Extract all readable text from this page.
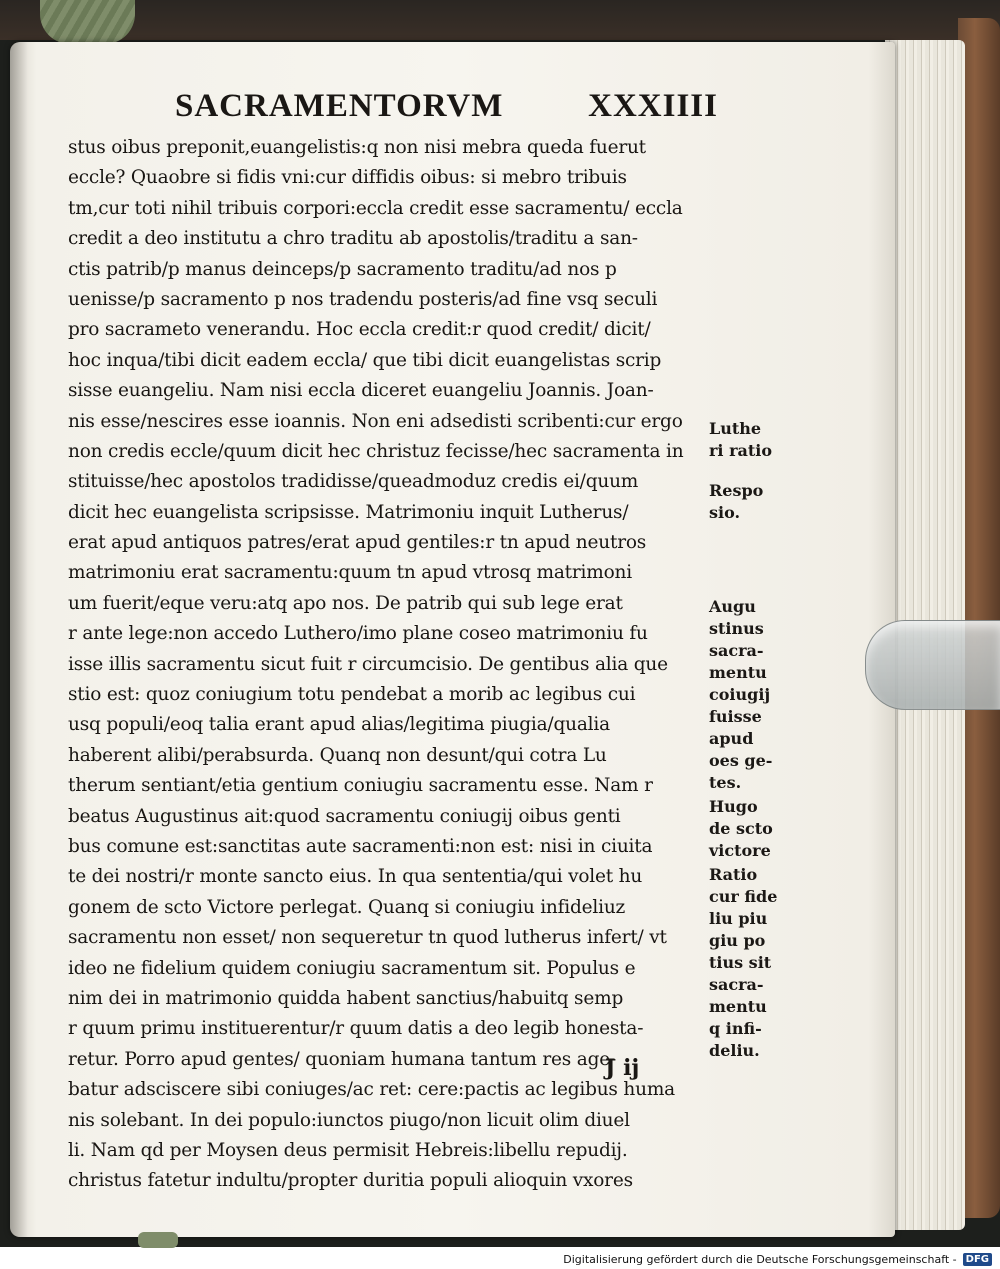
SACRAMENTORVM	XXXIIII
stus oibus preponit,euangelistis:q non nisi mebra queda fuerut
eccle? Quaobre si fidis vni:cur diffidis oibus: si mebro tribuis
tm,cur toti nihil tribuis corpori:eccla credit esse sacramentu/ eccla
credit a deo institutu a chro traditu ab apostolis/traditu a san-
ctis patrib/p manus deinceps/p sacramento traditu/ad nos p
uenisse/p sacramento p nos tradendu posteris/ad fine vsq seculi
pro sacrameto venerandu. Hoc eccla credit:r quod credit/ dicit/
hoc inqua/tibi dicit eadem eccla/ que tibi dicit euangelistas scrip
sisse euangeliu. Nam nisi eccla diceret euangeliu Joannis. Joan-
nis esse/nescires esse ioannis. Non eni adsedisti scribenti:cur ergo
non credis eccle/quum dicit hec christuz fecisse/hec sacramenta in
stituisse/hec apostolos tradidisse/queadmoduz credis ei/quum
dicit hec euangelista scripsisse. Matrimoniu inquit Lutherus/
erat apud antiquos patres/erat apud gentiles:r tn apud neutros
matrimoniu erat sacramentu:quum tn apud vtrosq matrimoni
um fuerit/eque veru:atq apo nos. De patrib qui sub lege erat
r ante lege:non accedo Luthero/imo plane coseo matrimoniu fu
isse illis sacramentu sicut fuit r circumcisio. De gentibus alia que
stio est: quoz coniugium totu pendebat a morib ac legibus cui
usq populi/eoq talia erant apud alias/legitima piugia/qualia
haberent alibi/perabsurda. Quanq non desunt/qui cotra Lu
therum sentiant/etia gentium coniugiu sacramentu esse. Nam r
beatus Augustinus ait:quod sacramentu coniugij oibus genti
bus comune est:sanctitas aute sacramenti:non est: nisi in ciuita
te dei nostri/r monte sancto eius. In qua sententia/qui volet hu
gonem de scto Victore perlegat. Quanq si coniugiu infideliuz
sacramentu non esset/ non sequeretur tn quod lutherus infert/ vt
ideo ne fidelium quidem coniugiu sacramentum sit. Populus e
nim dei in matrimonio quidda habent sanctius/habuitq semp
r quum primu instituerentur/r quum datis a deo legib honesta-
retur. Porro apud gentes/ quoniam humana tantum res age-
batur adsciscere sibi coniuges/ac ret: cere:pactis ac legibus huma
nis solebant. In dei populo:iunctos piugo/non licuit olim diuel
li. Nam qd per Moysen deus permisit Hebreis:libellu repudij.
christus fatetur indultu/propter duritia populi alioquin vxores
Luthe
ri ratio
Respo
sio.
Augu
stinus
sacra-
mentu
coiugij
fuisse
apud
oes ge-
tes.
Hugo
de scto
victore
Ratio
cur fide
liu piu
giu po
tius sit
sacra-
mentu
q infi-
deliu.
J ij
Digitalisierung gefördert durch die Deutsche Forschungsgemeinschaft - DFG
